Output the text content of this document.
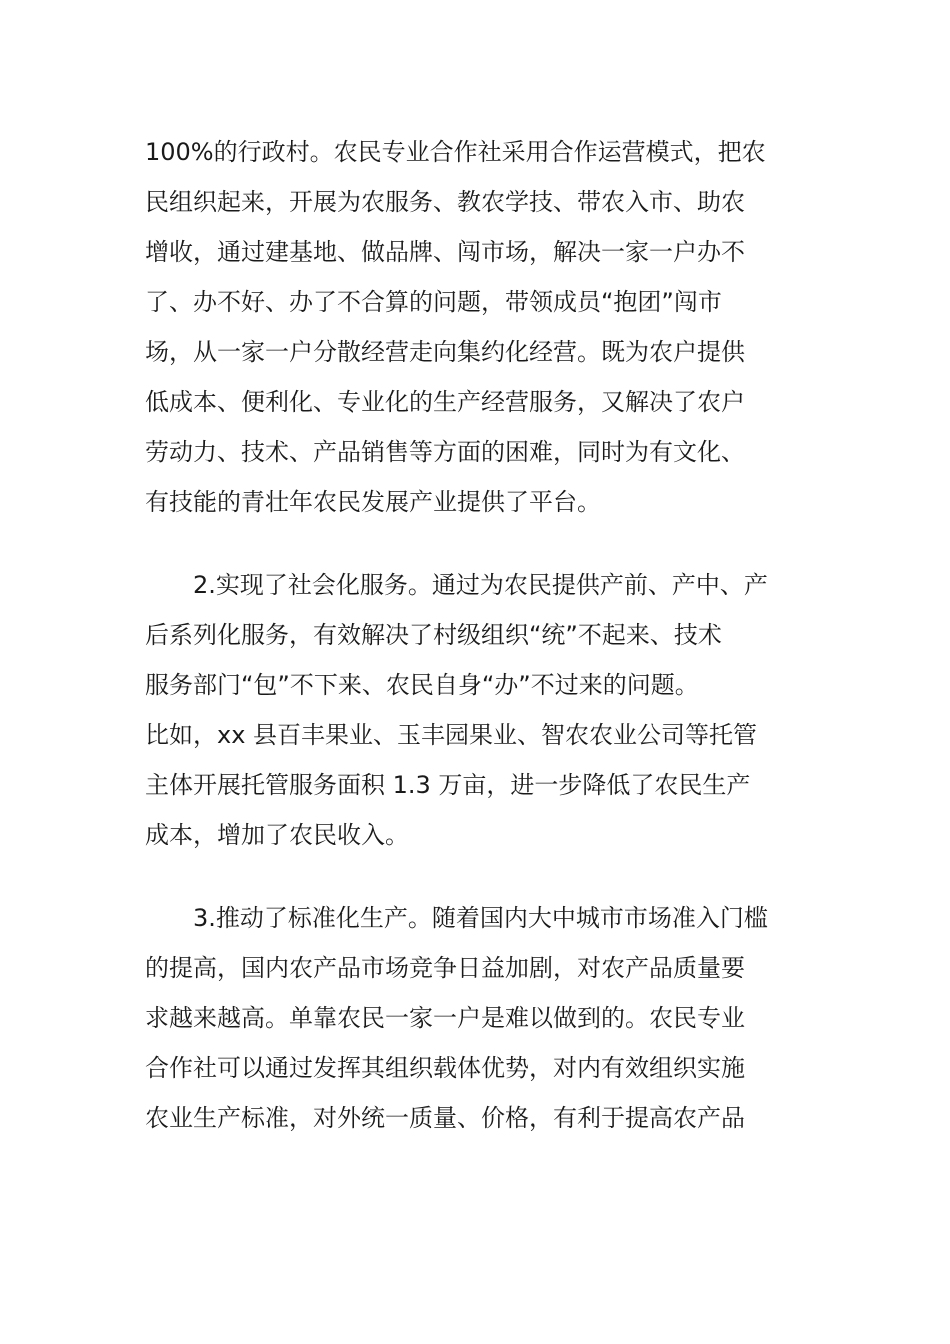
100%的行政村。农民专业合作社采用合作运营模式，把农
民组织起来，开展为农服务、教农学技、带农入市、助农
增收，通过建基地、做品牌、闯市场，解决一家一户办不
了、办不好、办了不合算的问题，带领成员“抱团”闯市
场，从一家一户分散经营走向集约化经营。既为农户提供
低成本、便利化、专业化的生产经营服务，又解决了农户
劳动力、技术、产品销售等方面的困难，同时为有文化、
有技能的青壮年农民发展产业提供了平台。
2.实现了社会化服务。通过为农民提供产前、产中、产
后系列化服务，有效解决了村级组织“统”不起来、技术
服务部门“包”不下来、农民自身“办”不过来的问题。
比如，xx 县百丰果业、玉丰园果业、智农农业公司等托管
主体开展托管服务面积 1.3 万亩，进一步降低了农民生产
成本，增加了农民收入。
3.推动了标准化生产。随着国内大中城市市场准入门槛
的提高，国内农产品市场竞争日益加剧，对农产品质量要
求越来越高。单靠农民一家一户是难以做到的。农民专业
合作社可以通过发挥其组织载体优势，对内有效组织实施
农业生产标准，对外统一质量、价格，有利于提高农产品
